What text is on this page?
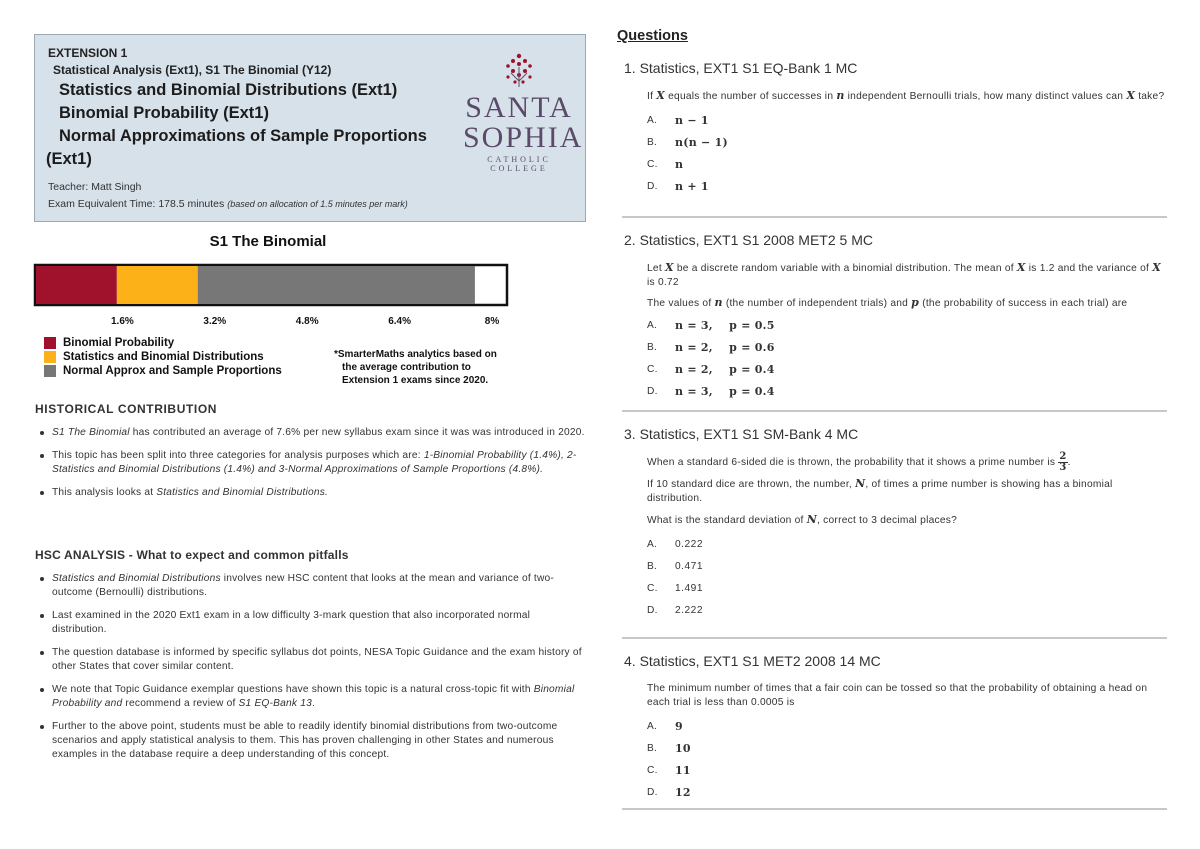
EXTENSION 1
Statistical Analysis (Ext1), S1 The Binomial (Y12)
Statistics and Binomial Distributions (Ext1)
Binomial Probability (Ext1)
Normal Approximations of Sample Proportions
(Ext1)
Teacher: Matt Singh
Exam Equivalent Time: 178.5 minutes (based on allocation of 1.5 minutes per mark)
SANTA
SOPHIA
CATHOLIC COLLEGE
S1 The Binomial
1.6%	3.2%	4.8%	6.4%	8%
Binomial Probability
Statistics and Binomial Distributions
Normal Approx and Sample Proportions
*SmarterMaths analytics based on
the average contribution to
Extension 1 exams since 2020.
HISTORICAL CONTRIBUTION
S1 The Binomial has contributed an average of 7.6% per new syllabus exam since it was was introduced in 2020.
This topic has been split into three categories for analysis purposes which are: 1-Binomial Probability (1.4%), 2-Statistics and Binomial Distributions (1.4%) and 3-Normal Approximations of Sample Proportions (4.8%).
This analysis looks at Statistics and Binomial Distributions.
HSC ANALYSIS - What to expect and common pitfalls
Statistics and Binomial Distributions involves new HSC content that looks at the mean and variance of two-outcome (Bernoulli) distributions.
Last examined in the 2020 Ext1 exam in a low difficulty 3-mark question that also incorporated normal distribution.
The question database is informed by specific syllabus dot points, NESA Topic Guidance and the exam history of other States that cover similar content.
We note that Topic Guidance exemplar questions have shown this topic is a natural cross-topic fit with Binomial Probability and recommend a review of S1 EQ-Bank 13.
Further to the above point, students must be able to readily identify binomial distributions from two-outcome scenarios and apply statistical analysis to them. This has proven challenging in other States and numerous examples in the database require a deep understanding of this concept.
Questions
1. Statistics, EXT1 S1 EQ-Bank 1 MC

If X equals the number of successes in n independent Bernoulli trials, how many distinct values can X take?

A.	n − 1
B.	n(n − 1)
C.	n
D.	n + 1
2. Statistics, EXT1 S1 2008 MET2 5 MC

Let X be a discrete random variable with a binomial distribution. The mean of X is 1.2 and the variance of X is 0.72

The values of n (the number of independent trials) and p (the probability of success in each trial) are

A.	n = 3,    p = 0.5
B.	n = 2,    p = 0.6
C.	n = 2,    p = 0.4
D.	n = 3,    p = 0.4
3. Statistics, EXT1 S1 SM-Bank 4 MC

When a standard 6-sided die is thrown, the probability that it shows a prime number is $\frac{2}{3}$ .

If 10 standard dice are thrown, the number, N, of times a prime number is showing has a binomial distribution.

What is the standard deviation of N, correct to 3 decimal places?

A.	0.222
B.	0.471
C.	1.491
D.	2.222
4. Statistics, EXT1 S1 MET2 2008 14 MC

The minimum number of times that a fair coin can be tossed so that the probability of obtaining a head on each trial is less than 0.0005 is

A.	9
B.	10
C.	11
D.	12
